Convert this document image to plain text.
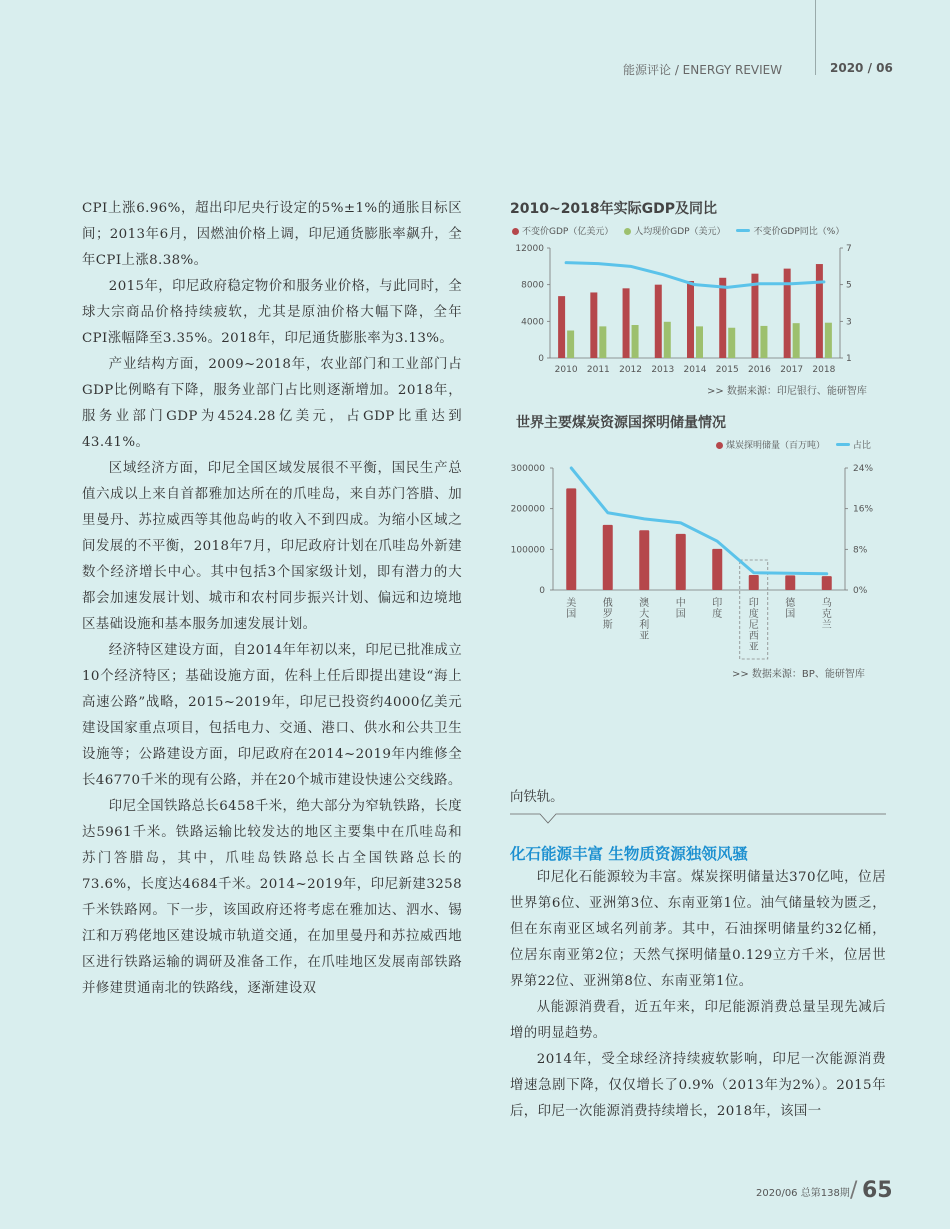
能源评论 / ENERGY REVIEW	2020 / 06

CPI上涨6.96%，超出印尼央行设定的5%±1%的通胀目标区间；2013年6月，因燃油价格上调，印尼通货膨胀率飙升，全年CPI上涨8.38%。

2015年，印尼政府稳定物价和服务业价格，与此同时，全球大宗商品价格持续疲软，尤其是原油价格大幅下降，全年CPI涨幅降至3.35%。2018年，印尼通货膨胀率为3.13%。

产业结构方面，2009~2018年，农业部门和工业部门占GDP比例略有下降，服务业部门占比则逐渐增加。2018年，服务业部门GDP为4524.28亿美元，占GDP比重达到43.41%。

区域经济方面，印尼全国区域发展很不平衡，国民生产总值六成以上来自首都雅加达所在的爪哇岛，来自苏门答腊、加里曼丹、苏拉威西等其他岛屿的收入不到四成。为缩小区域之间发展的不平衡，2018年7月，印尼政府计划在爪哇岛外新建数个经济增长中心。其中包括3个国家级计划，即有潜力的大都会加速发展计划、城市和农村同步振兴计划、偏远和边境地区基础设施和基本服务加速发展计划。

经济特区建设方面，自2014年年初以来，印尼已批准成立10个经济特区；基础设施方面，佐科上任后即提出建设“海上高速公路”战略，2015~2019年，印尼已投资约4000亿美元建设国家重点项目，包括电力、交通、港口、供水和公共卫生设施等；公路建设方面，印尼政府在2014~2019年内维修全长46770千米的现有公路，并在20个城市建设快速公交线路。

印尼全国铁路总长6458千米，绝大部分为窄轨铁路，长度达5961千米。铁路运输比较发达的地区主要集中在爪哇岛和苏门答腊岛，其中，爪哇岛铁路总长占全国铁路总长的73.6%，长度达4684千米。2014~2019年，印尼新建3258千米铁路网。下一步，该国政府还将考虑在雅加达、泗水、锡江和万鸦佬地区建设城市轨道交通，在加里曼丹和苏拉威西地区进行铁路运输的调研及准备工作，在爪哇地区发展南部铁路并修建贯通南北的铁路线，逐渐建设双

2010~2018年实际GDP及同比
不变价GDP（亿美元） 人均现价GDP（美元）	不变价GDP同比（%）
0
4000
8000
12000
1
3
5
7
2010 2011 2012 2013 2014 2015 2016 2017 2018
>> 数据来源：印尼银行、能研智库
世界主要煤炭资源国探明储量情况
煤炭探明储量（百万吨）	占比
0
100000
200000
300000
0%
8%
16%
24%
美国
俄罗斯
澳大利亚
中国
印度
印度尼西亚
德国
乌克兰
>> 数据来源：BP、能研智库
向铁轨。
化石能源丰富 生物质资源独领风骚

印尼化石能源较为丰富。煤炭探明储量达370亿吨，位居世界第6位、亚洲第3位、东南亚第1位。油气储量较为匮乏，但在东南亚区域名列前茅。其中，石油探明储量约32亿桶，位居东南亚第2位；天然气探明储量0.129立方千米，位居世界第22位、亚洲第8位、东南亚第1位。

从能源消费看，近五年来，印尼能源消费总量呈现先减后增的明显趋势。

2014年，受全球经济持续疲软影响，印尼一次能源消费增速急剧下降，仅仅增长了0.9%（2013年为2%）。2015年后，印尼一次能源消费持续增长，2018年，该国一

2020/06 总第138期 / 65
